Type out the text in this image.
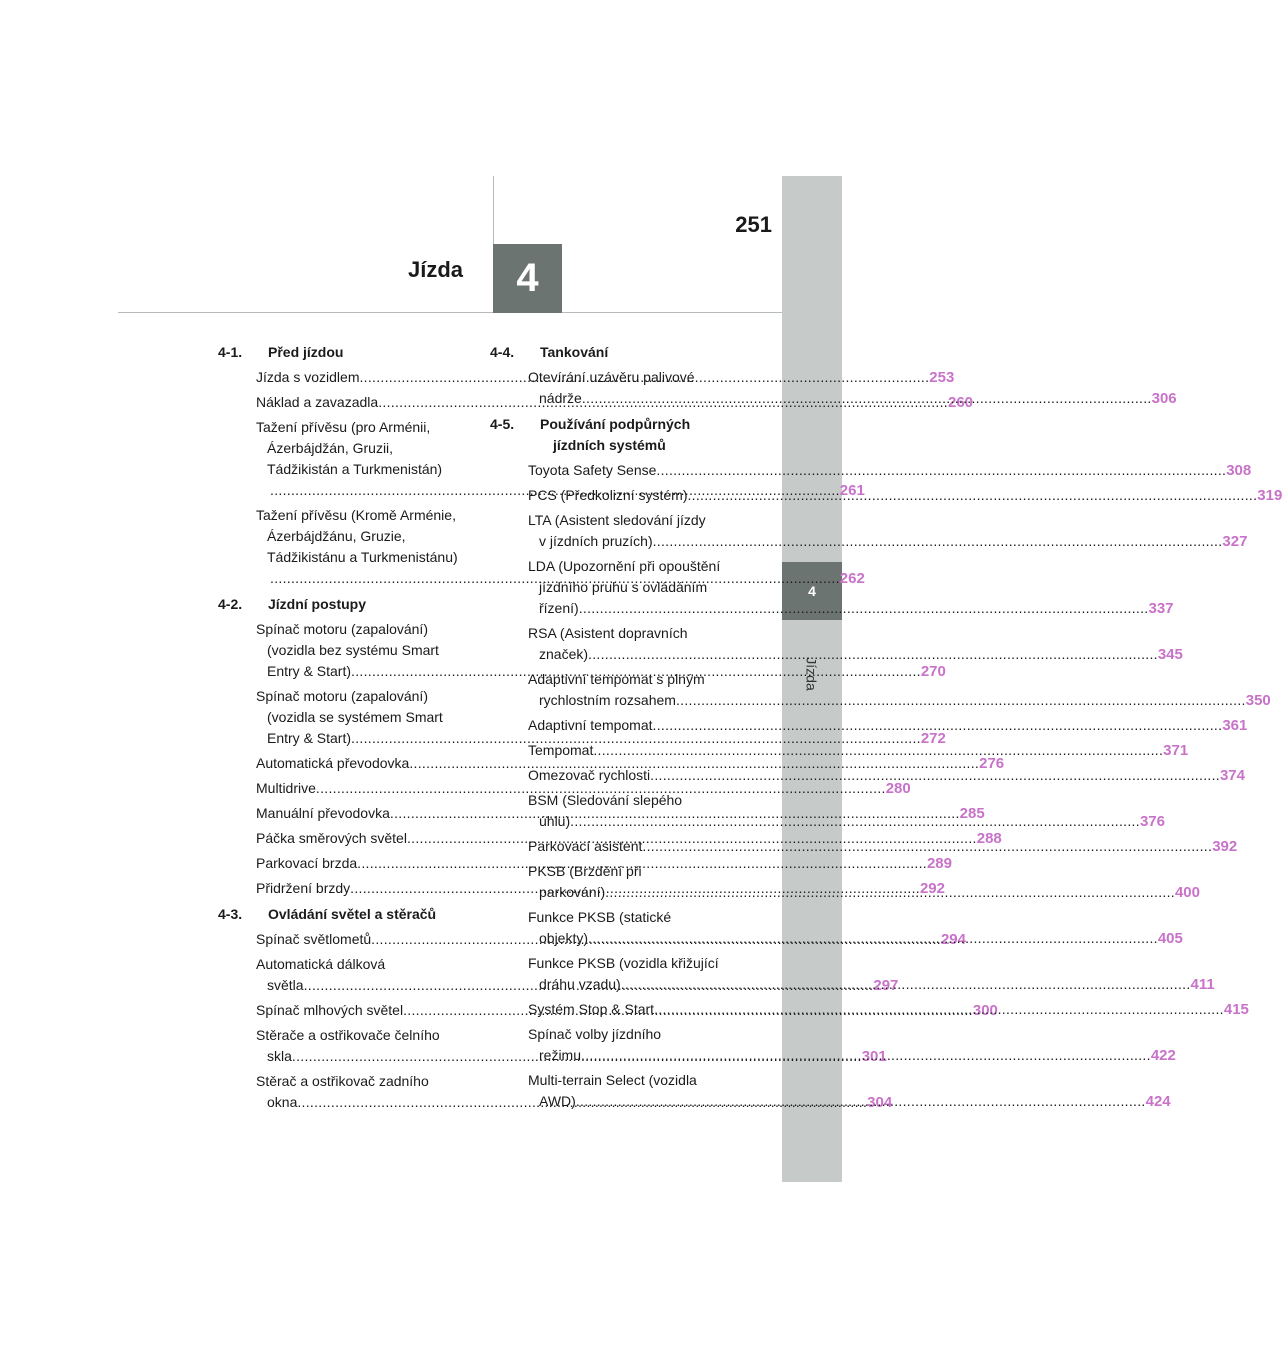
4
Jízda
251
Jízda	4
4-1.	Před jízdou
Jízda s vozidlem .....	253
Náklad a zavazadla .....	260
Tažení přívěsu (pro Arménii,
Ázerbájdžán, Gruzii,
Tádžikistán a Turkmenistán)
..... 261
Tažení přívěsu (Kromě Arménie,
Ázerbájdžánu, Gruzie,
Tádžikistánu a Turkmenistánu)
..... 262
4-2.	Jízdní postupy
Spínač motoru (zapalování)
(vozidla bez systému Smart
Entry & Start) .....	270
Spínač motoru (zapalování)
(vozidla se systémem Smart
Entry & Start) .....	272
Automatická převodovka .....	276
Multidrive .....	280
Manuální převodovka .....	285
Páčka směrových světel .....	288
Parkovací brzda .....	289
Přidržení brzdy .....	292
4-3.	Ovládání světel a stěračů
Spínač světlometů .....	294
Automatická dálková
světla .....	297
Spínač mlhových světel .....	300
Stěrače a ostřikovače čelního
skla .....	301
Stěrač a ostřikovač zadního
okna .....	304
4-4.	Tankování
Otevírání uzávěru palivové
nádrže .....	306
4-5.	Používání podpůrných
jízdních systémů
Toyota Safety Sense .....	308
PCS (Předkolizní systém) .....	319
LTA (Asistent sledování jízdy
v jízdních pruzích) .....	327
LDA (Upozornění při opouštění
jízdního pruhu s ovládáním
řízení) .....	337
RSA (Asistent dopravních
značek) .....	345
Adaptivní tempomat s plným
rychlostním rozsahem .....	350
Adaptivní tempomat .....	361
Tempomat .....	371
Omezovač rychlosti .....	374
BSM (Sledování slepého
úhlu) .....	376
Parkovací asistent .....	392
PKSB (Brzdění při
parkování) .....	400
Funkce PKSB (statické
objekty) .....	405
Funkce PKSB (vozidla křižující
dráhu vzadu) .....	411
Systém Stop & Start .....	415
Spínač volby jízdního
režimu .....	422
Multi-terrain Select (vozidla
AWD) .....	424
